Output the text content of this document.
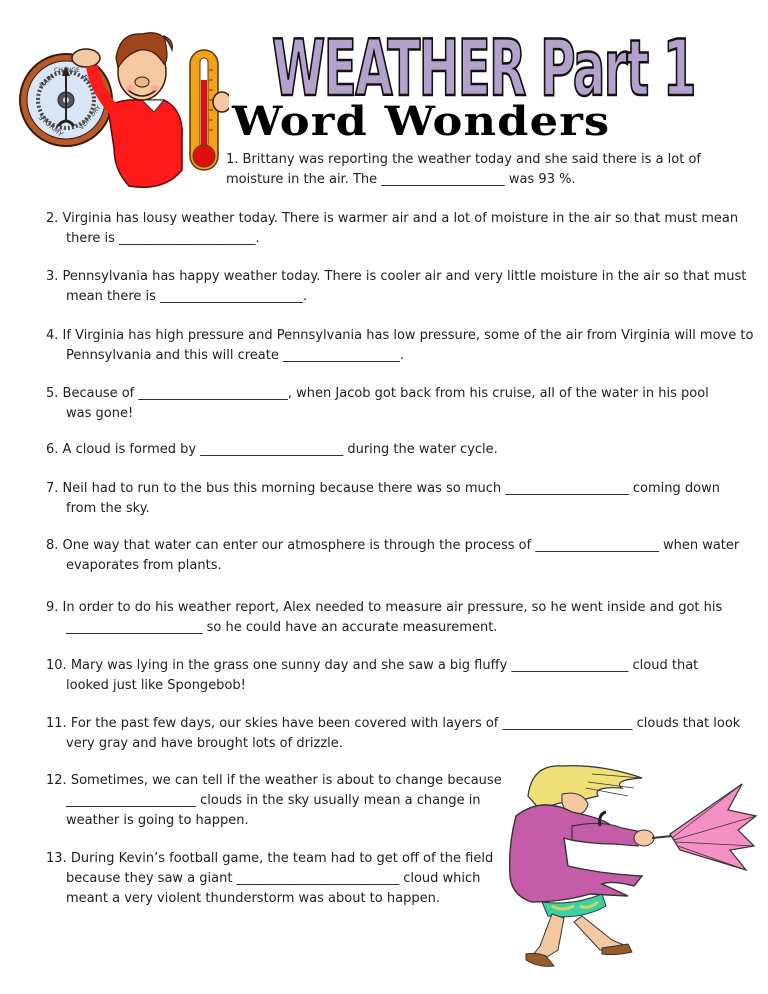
RAIN
CHANGE
FAIR
STORMY VERY DRY
WEATHER Part 1
Word Wonders
1. Brittany was reporting the weather today and she said there is a lot of
moisture in the air. The ___________________ was 93 %.
2. Virginia has lousy weather today. There is warmer air and a lot of moisture in the air so that must mean
there is _____________________.
3. Pennsylvania has happy weather today. There is cooler air and very little moisture in the air so that must
mean there is ______________________.
4. If Virginia has high pressure and Pennsylvania has low pressure, some of the air from Virginia will move to
Pennsylvania and this will create __________________.
5. Because of _______________________, when Jacob got back from his cruise, all of the water in his pool
was gone!
6. A cloud is formed by ______________________ during the water cycle.
7. Neil had to run to the bus this morning because there was so much ___________________ coming down
from the sky.
8. One way that water can enter our atmosphere is through the process of ___________________ when water
evaporates from plants.
9. In order to do his weather report, Alex needed to measure air pressure, so he went inside and got his
_____________________ so he could have an accurate measurement.
10. Mary was lying in the grass one sunny day and she saw a big fluffy __________________ cloud that
looked just like Spongebob!
11. For the past few days, our skies have been covered with layers of ____________________ clouds that look
very gray and have brought lots of drizzle.
12. Sometimes, we can tell if the weather is about to change because
____________________ clouds in the sky usually mean a change in
weather is going to happen.
13. During Kevin’s football game, the team had to get off of the field
because they saw a giant _________________________ cloud which
meant a very violent thunderstorm was about to happen.
